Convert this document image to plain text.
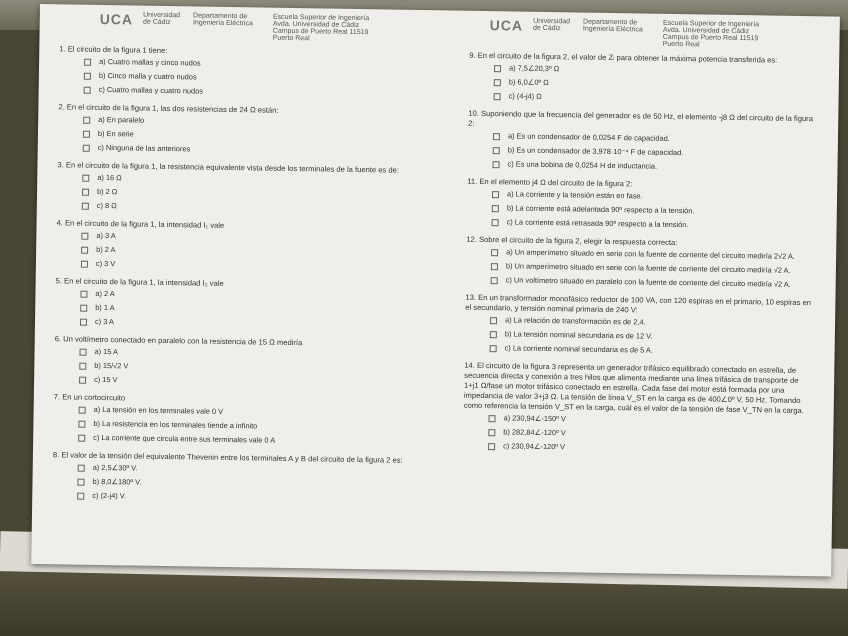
UCA Universidad de Cádiz Departamento de Ingeniería Eléctrica Escuela Superior de Ingeniería Avda. Universidad de Cádiz Campus de Puerto Real 11519 Puerto Real
UCA Universidad de Cádiz Departamento de Ingeniería Eléctrica Escuela Superior de Ingeniería Avda. Universidad de Cádiz Campus de Puerto Real 11519 Puerto Real

1. El circuito de la figura 1 tiene:

a) Cuatro mallas y cinco nudos
b) Cinco malla y cuatro nudos
c) Cuatro mallas y cuatro nudos

2. En el circuito de la figura 1, las dos resistencias de 24 Ω están:

a) En paralelo
b) En serie
c) Ninguna de las anteriores

3. En el circuito de la figura 1, la resistencia equivalente vista desde los terminales de la fuente es de:

a) 16 Ω
b) 2 Ω
c) 8 Ω

4. En el circuito de la figura 1, la intensidad I₁ vale

a) 3 A
b) 2 A
c) 3 V

5. En el circuito de la figura 1, la intensidad I₂ vale

a) 2 A
b) 1 A
c) 3 A

6. Un voltímetro conectado en paralelo con la resistencia de 15 Ω mediría

a) 15 A
b) 15/√2 V
c) 15 V

7. En un cortocircuito

a) La tensión en los terminales vale 0 V
b) La resistencia en los terminales tiende a infinito
c) La corriente que circula entre sus terminales vale 0 A

8. El valor de la tensión del equivalente Thevenin entre los terminales A y B del circuito de la figura 2 es:

a) 2,5∠30º V.
b) 8,0∠180º V.
c) (2-j4) V.

9. En el circuito de la figura 2, el valor de Zₗ para obtener la máxima potencia transferida es:

a) 7,5∠20,3º Ω
b) 6,0∠0º Ω
c) (4-j4) Ω

10. Suponiendo que la frecuencia del generador es de 50 Hz, el elemento -j8 Ω del circuito de la figura 2:

a) Es un condensador de 0,0254 F de capacidad.
b) Es un condensador de 3,978·10⁻⁴ F de capacidad.
c) Es una bobina de 0,0254 H de inductancia.

11. En el elemento j4 Ω del circuito de la figura 2:

a) La corriente y la tensión están en fase.
b) La corriente está adelantada 90º respecto a la tensión.
c) La corriente está retrasada 90º respecto a la tensión.

12. Sobre el circuito de la figura 2, elegir la respuesta correcta:

a) Un amperímetro situado en serie con la fuente de corriente del circuito mediría 2√2 A.
b) Un amperímetro situado en serie con la fuente de corriente del circuito mediría √2 A.
c) Un voltímetro situado en paralelo con la fuente de corriente del circuito mediría √2 A.

13. En un transformador monofásico reductor de 100 VA, con 120 espiras en el primario, 10 espiras en el secundario, y tensión nominal primaria de 240 V:

a) La relación de transformación es de 2,4.
b) La tensión nominal secundaria es de 12 V.
c) La corriente nominal secundaria es de 5 A.

14. El circuito de la figura 3 representa un generador trifásico equilibrado conectado en estrella, de secuencia directa y conexión a tres hilos que alimenta mediante una línea trifásica de transporte de 1+j1 Ω/fase un motor trifásico conectado en estrella. Cada fase del motor está formada por una impedancia de valor 3+j3 Ω. La tensión de línea V_ST en la carga es de 400∠0º V, 50 Hz. Tomando como referencia la tensión V_ST en la carga, cuál es el valor de la tensión de fase V_TN en la carga.

a) 230,94∠-150º V
b) 282,84∠-120º V
c) 230,94∠-120º V
